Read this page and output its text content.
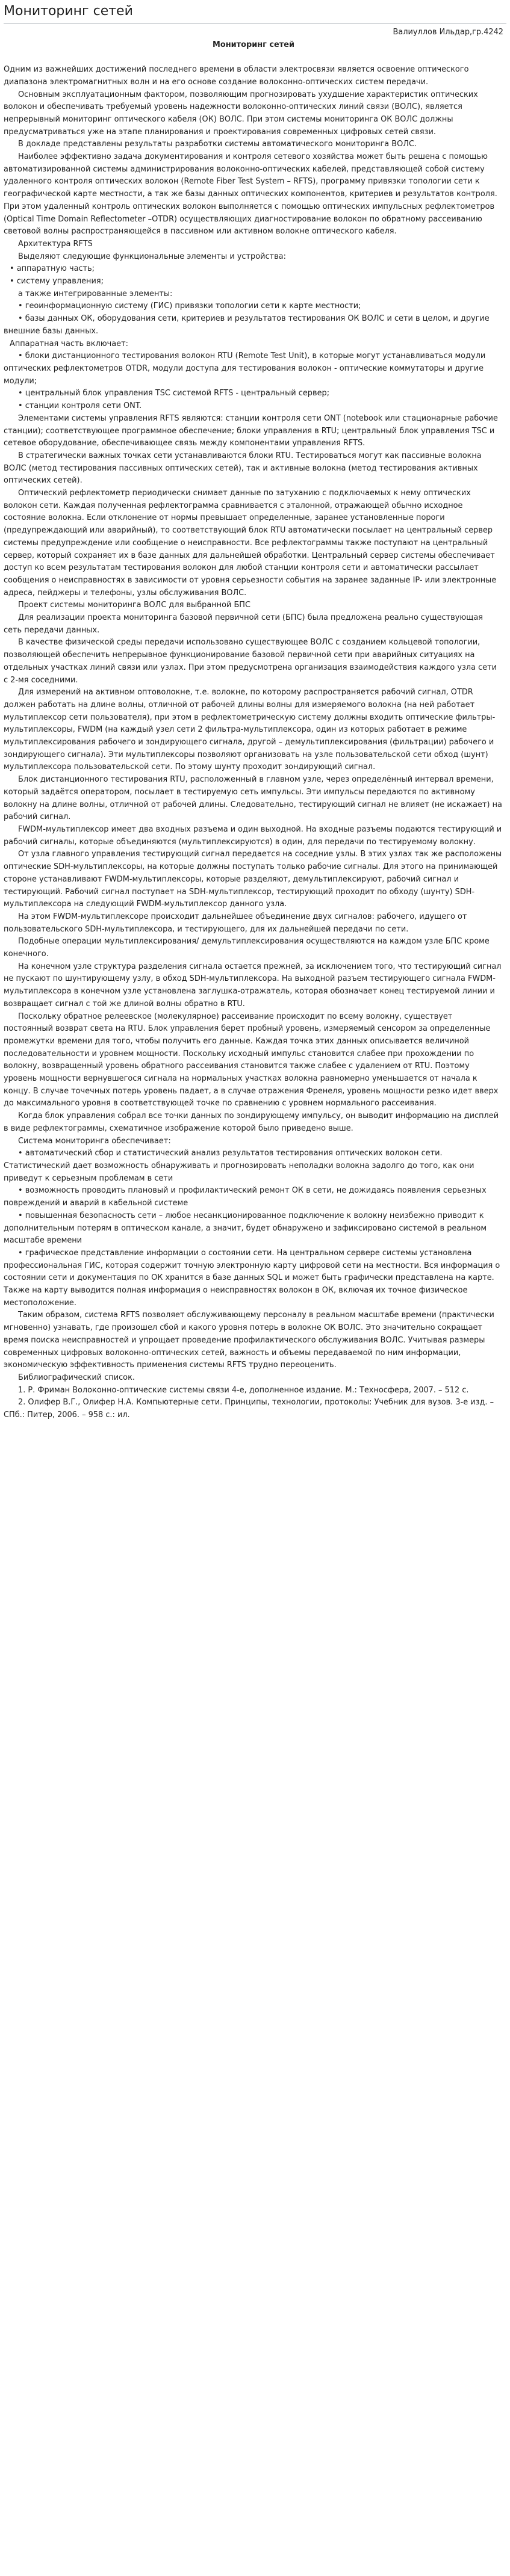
Мониторинг сетей

Валиуллов Ильдар,гр.4242

Мониторинг сетей

Одним из важнейших достижений последнего времени в области электросвязи является освоение оптического диапазона электромагнитных волн и на его основе создание волоконно-оптических систем передачи.

Основным эксплуатационным фактором, позволяющим прогнозировать ухудшение характеристик оптических волокон и обеспечивать требуемый уровень надежности волоконно-оптических линий связи (ВОЛС), является непрерывный мониторинг оптического кабеля (ОК) ВОЛС. При этом системы мониторинга ОК ВОЛС должны предусматриваться уже на этапе планирования и проектирования современных цифровых сетей связи.

В докладе представлены результаты разработки системы автоматического мониторинга ВОЛС.

Наиболее эффективно задача документирования и контроля сетевого хозяйства может быть решена с помощью автоматизированной системы администрирования волоконно-оптических кабелей, представляющей собой систему удаленного контроля оптических волокон (Remote Fiber Test System – RFTS), программу привязки топологии сети к географической карте местности, а так же базы данных оптических компонентов, критериев и результатов контроля. При этом удаленный контроль оптических волокон выполняется с помощью оптических импульсных рефлектометров (Optical Time Domain Reflectometer –OTDR) осуществляющих диагностирование волокон по обратному рассеиванию световой волны распространяющейся в пассивном или активном волокне оптического кабеля.

Архитектура RFTS

Выделяют следующие функциональные элементы и устройства:

• аппаратную часть;

• систему управления;

а также интегрированные элементы:

• геоинформационную систему (ГИС) привязки топологии сети к карте местности;

• базы данных ОК, оборудования сети, критериев и результатов тестирования ОК ВОЛС и сети в целом, и другие внешние базы данных.

Аппаратная часть включает:

• блоки дистанционного тестирования волокон RTU (Remote Test Unit), в которые могут устанавливаться модули оптических рефлектометров OTDR, модули доступа для тестирования волокон - оптические коммутаторы и другие модули;

• центральный блок управления TSC системой RFTS - центральный сервер;

• станции контроля сети ONT.

Элементами системы управления RFTS являются: станции контроля сети ONT (notebook или стационарные рабочие станции); соответствующее программное обеспечение; блоки управления в RTU; центральный блок управления TSC и сетевое оборудование, обеспечивающее связь между компонентами управления RFTS.

В стратегически важных точках сети устанавливаются блоки RTU. Тестироваться могут как пассивные волокна ВОЛС (метод тестирования пассивных оптических сетей), так и активные волокна (метод тестирования активных оптических сетей).

Оптический рефлектометр периодически снимает данные по затуханию с подключаемых к нему оптических волокон сети. Каждая полученная рефлектограмма сравнивается с эталонной, отражающей обычно исходное состояние волокна. Если отклонение от нормы превышает определенные, заранее установленные пороги (предупреждающий или аварийный), то соответствующий блок RTU автоматически посылает на центральный сервер системы предупреждение или сообщение о неисправности. Все рефлектограммы также поступают на центральный сервер, который сохраняет их в базе данных для дальнейшей обработки. Центральный сервер системы обеспечивает доступ ко всем результатам тестирования волокон для любой станции контроля сети и автоматически рассылает сообщения о неисправностях в зависимости от уровня серьезности события на заранее заданные IP- или электронные адреса, пейджеры и телефоны, узлы обслуживания ВОЛС.

Проект системы мониторинга ВОЛС для выбранной БПС

Для реализации проекта мониторинга базовой первичной сети (БПС) была предложена реально существующая сеть передачи данных.

В качестве физической среды передачи использовано существующее ВОЛС с созданием кольцевой топологии, позволяющей обеспечить непрерывное функционирование базовой первичной сети при аварийных ситуациях на отдельных участках линий связи или узлах. При этом предусмотрена организация взаимодействия каждого узла сети с 2-мя соседними.

Для измерений на активном оптоволокне, т.е. волокне, по которому распространяется рабочий сигнал, OTDR должен работать на длине волны, отличной от рабочей длины волны для измеряемого волокна (на ней работает мультиплексор сети пользователя), при этом в рефлектометрическую систему должны входить оптические фильтры-мультиплексоры, FWDM (на каждый узел сети 2 фильтра-мультиплексора, один из которых работает в режиме мультиплексирования рабочего и зондирующего сигнала, другой – демультиплексирования (фильтрации) рабочего и зондирующего сигнала). Эти мультиплексоры позволяют организовать на узле пользовательской сети обход (шунт) мультиплексора пользовательской сети. По этому шунту проходит зондирующий сигнал.

Блок дистанционного тестирования RTU, расположенный в главном узле, через определённый интервал времени, который задаётся оператором, посылает в тестируемую сеть импульсы. Эти импульсы передаются по активному волокну на длине волны, отличной от рабочей длины. Следовательно, тестирующий сигнал не влияет (не искажает) на рабочий сигнал.

FWDM-мультиплексор имеет два входных разъема и один выходной. На входные разъемы подаются тестирующий и рабочий сигналы, которые объединяются (мультиплексируются) в один, для передачи по тестируемому волокну.

От узла главного управления тестирующий сигнал передается на соседние узлы. В этих узлах так же расположены оптические SDH-мультиплексоры, на которые должны поступать только рабочие сигналы. Для этого на принимающей стороне устанавливают FWDM-мультиплексоры, которые разделяют, демультиплексируют, рабочий сигнал и тестирующий. Рабочий сигнал поступает на SDH-мультиплексор, тестирующий проходит по обходу (шунту) SDH-мультиплексора на следующий FWDM-мультиплексор данного узла.

На этом FWDM-мультиплексоре происходит дальнейшее объединение двух сигналов: рабочего, идущего от пользовательского SDH-мультиплексора, и тестирующего, для их дальнейшей передачи по сети.

Подобные операции мультиплексирования/ демультиплексирования осуществляются на каждом узле БПС кроме конечного.

На конечном узле структура разделения сигнала остается прежней, за исключением того, что тестирующий сигнал не пускают по шунтирующему узлу, в обход SDH-мультиплексора. На выходной разъем тестирующего сигнала FWDM-мультиплексора в конечном узле установлена заглушка-отражатель, которая обозначает конец тестируемой линии и возвращает сигнал с той же длиной волны обратно в RTU.

Поскольку обратное релеевское (молекулярное) рассеивание происходит по всему волокну, существует постоянный возврат света на RTU. Блок управления берет пробный уровень, измеряемый сенсором за определенные промежутки времени для того, чтобы получить его данные. Каждая точка этих данных описывается величиной последовательности и уровнем мощности. Поскольку исходный импульс становится слабее при прохождении по волокну, возвращенный уровень обратного рассеивания становится также слабее с удалением от RTU. Поэтому уровень мощности вернувшегося сигнала на нормальных участках волокна равномерно уменьшается от начала к концу. В случае точечных потерь уровень падает, а в случае отражения Френеля, уровень мощности резко идет вверх до максимального уровня в соответствующей точке по сравнению с уровнем нормального рассеивания.

Когда блок управления собрал все точки данных по зондирующему импульсу, он выводит информацию на дисплей в виде рефлектограммы, схематичное изображение которой было приведено выше.

Система мониторинга обеспечивает:

• автоматический сбор и статистический анализ результатов тестирования оптических волокон сети. Статистический дает возможность обнаруживать и прогнозировать неполадки волокна задолго до того, как они приведут к серьезным проблемам в сети

• возможность проводить плановый и профилактический ремонт ОК в сети, не дожидаясь появления серьезных повреждений и аварий в кабельной системе

• повышенная безопасность сети – любое несанкционированное подключение к волокну неизбежно приводит к дополнительным потерям в оптическом канале, а значит, будет обнаружено и зафиксировано системой в реальном масштабе времени

• графическое представление информации о состоянии сети. На центральном сервере системы установлена профессиональная ГИС, которая содержит точную электронную карту цифровой сети на местности. Вся информация о состоянии сети и документация по ОК хранится в базе данных SQL и может быть графически представлена на карте. Также на карту выводится полная информация о неисправностях волокон в ОК, включая их точное физическое местоположение.

Таким образом, система RFTS позволяет обслуживающему персоналу в реальном масштабе времени (практически мгновенно) узнавать, где произошел сбой и какого уровня потерь в волокне ОК ВОЛС. Это значительно сокращает время поиска неисправностей и упрощает проведение профилактического обслуживания ВОЛС. Учитывая размеры современных цифровых волоконно-оптических сетей, важность и объемы передаваемой по ним информации, экономическую эффективность применения системы RFTS трудно переоценить.

Библиографический список.

1. Р. Фриман Волоконно-оптические системы связи 4-е, дополненное издание. М.: Техносфера, 2007. – 512 с.

2. Олифер В.Г., Олифер Н.А. Компьютерные сети. Принципы, технологии, протоколы: Учебник для вузов. 3-е изд. – СПб.: Питер, 2006. – 958 с.: ил.
